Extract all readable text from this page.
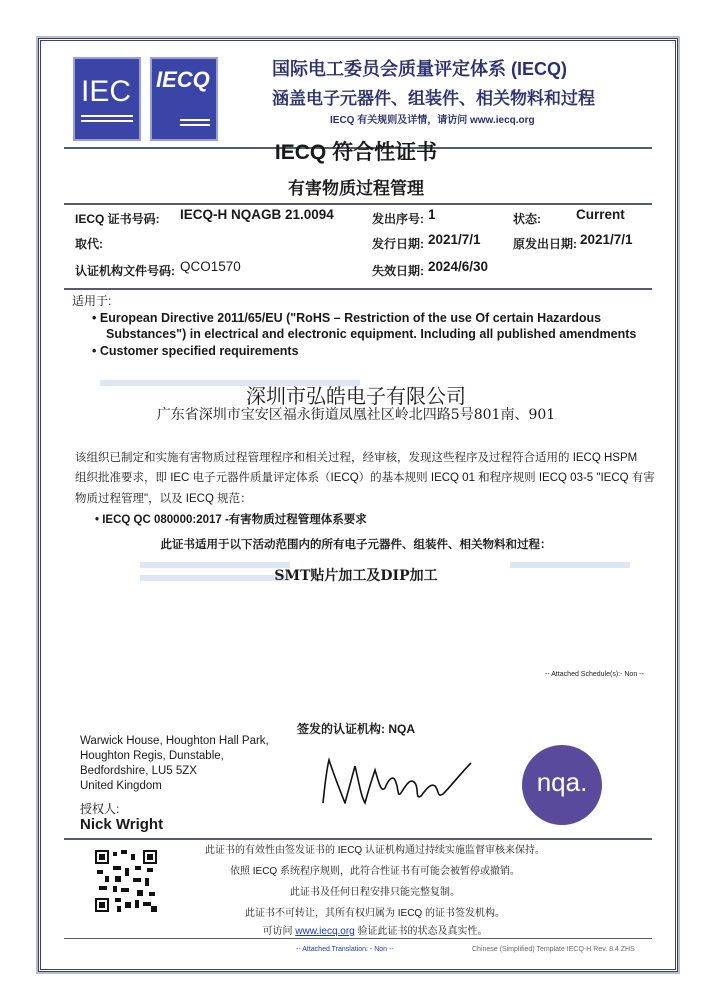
IEC	IECQ	国际电工委员会质量评定体系 (IECQ)
涵盖电子元器件、组装件、相关物料和过程
IECQ 有关规则及详情，请访问 www.iecq.org
IECQ 符合性证书
有害物质过程管理
IECQ 证书号码: IECQ-H NQAGB 21.0094	发出序号: 1	状态:	Current
取代:	发行日期: 2021/7/1	原发出日期: 2021/7/1
认证机构文件号码: QCO1570	失效日期: 2024/6/30
适用于:
• European Directive 2011/65/EU ("RoHS – Restriction of the use Of certain Hazardous
Substances") in electrical and electronic equipment. Including all published amendments
• Customer specified requirements
深圳市弘皓电子有限公司
广东省深圳市宝安区福永街道凤凰社区岭北四路5号801南、901
该组织已制定和实施有害物质过程管理程序和相关过程，经审核，发现这些程序及过程符合适用的 IECQ HSPM
组织批准要求，即 IEC 电子元器件质量评定体系（IECQ）的基本规则 IECQ 01 和程序规则 IECQ 03-5 "IECQ 有害
物质过程管理"，以及 IECQ 规范：
• IECQ QC 080000:2017 -有害物质过程管理体系要求
此证书适用于以下活动范围内的所有电子元器件、组装件、相关物料和过程：
SMT贴片加工及DIP加工
-- Attached Schedule(s):- Non --
签发的认证机构: NQA
Warwick House, Houghton Hall Park,
Houghton Regis, Dunstable,
Bedfordshire, LU5 5ZX
United Kingdom	nqa.
授权人:
Nick Wright
此证书的有效性由签发证书的 IECQ 认证机构通过持续实施监督审核来保持。
依照 IECQ 系统程序规则，此符合性证书有可能会被暂停或撤销。
此证书及任何日程安排只能完整复制。
此证书不可转让，其所有权归属为 IECQ 的证书签发机构。
可访问 www.iecq.org 验证此证书的状态及真实性。
-- Attached Translation: - Non --	Chinese (Simplified) Template IECQ-H Rev. 8.4 ZHS
